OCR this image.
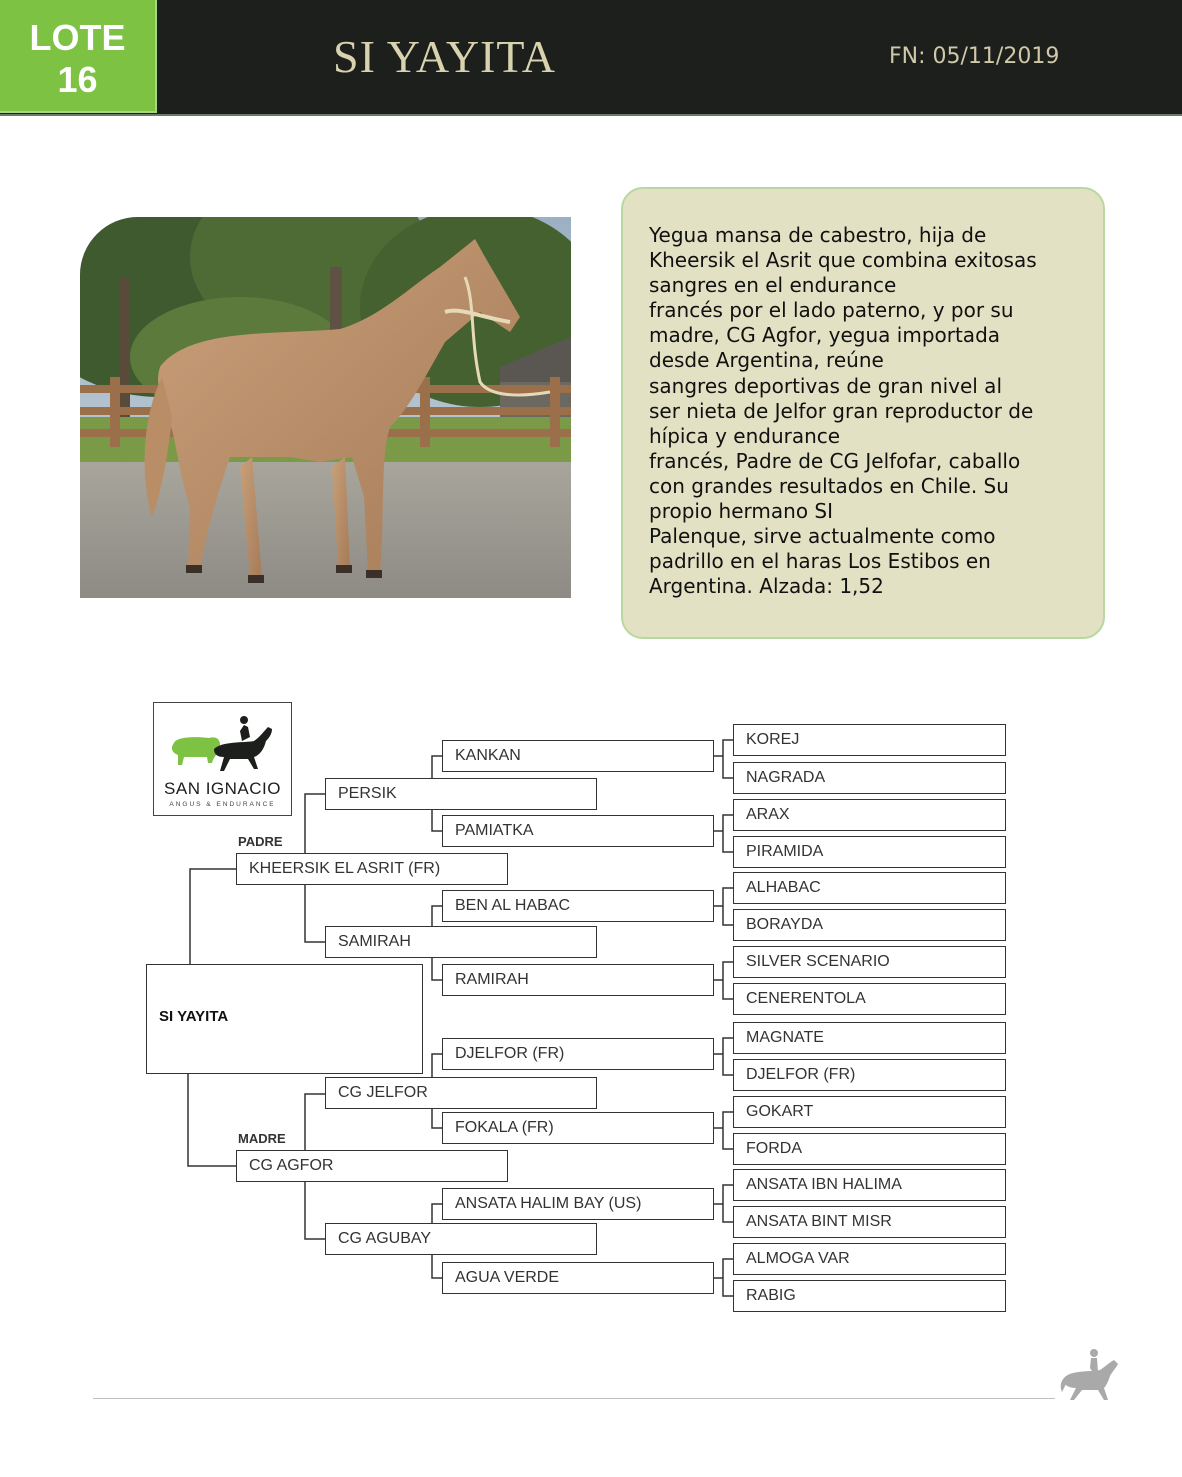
LOTE
16	SI YAYITA	FN: 05/11/2019
Yegua mansa de cabestro, hija de
Kheersik el Asrit que combina exitosas
sangres en el endurance
francés por el lado paterno, y por su
madre, CG Agfor, yegua importada
desde Argentina, reúne
sangres deportivas de gran nivel al
ser nieta de Jelfor gran reproductor de
hípica y endurance
francés, Padre de CG Jelfofar, caballo
con grandes resultados en Chile. Su
propio hermano SI
Palenque, sirve actualmente como
padrillo en el haras Los Estibos en
Argentina. Alzada: 1,52
SAN IGNACIO
ANGUS & ENDURANCE
PADRE
MADRE
SI YAYITA
KHEERSIK EL ASRIT (FR)
CG AGFOR
PERSIK
SAMIRAH
CG JELFOR
CG AGUBAY
KANKAN
PAMIATKA
BEN AL HABAC
RAMIRAH
DJELFOR (FR)
FOKALA (FR)
ANSATA HALIM BAY (US)
AGUA VERDE
KOREJ
NAGRADA
ARAX
PIRAMIDA
ALHABAC
BORAYDA
SILVER SCENARIO
CENERENTOLA
MAGNATE
DJELFOR (FR)
GOKART
FORDA
ANSATA IBN HALIMA
ANSATA BINT MISR
ALMOGA VAR
RABIG
